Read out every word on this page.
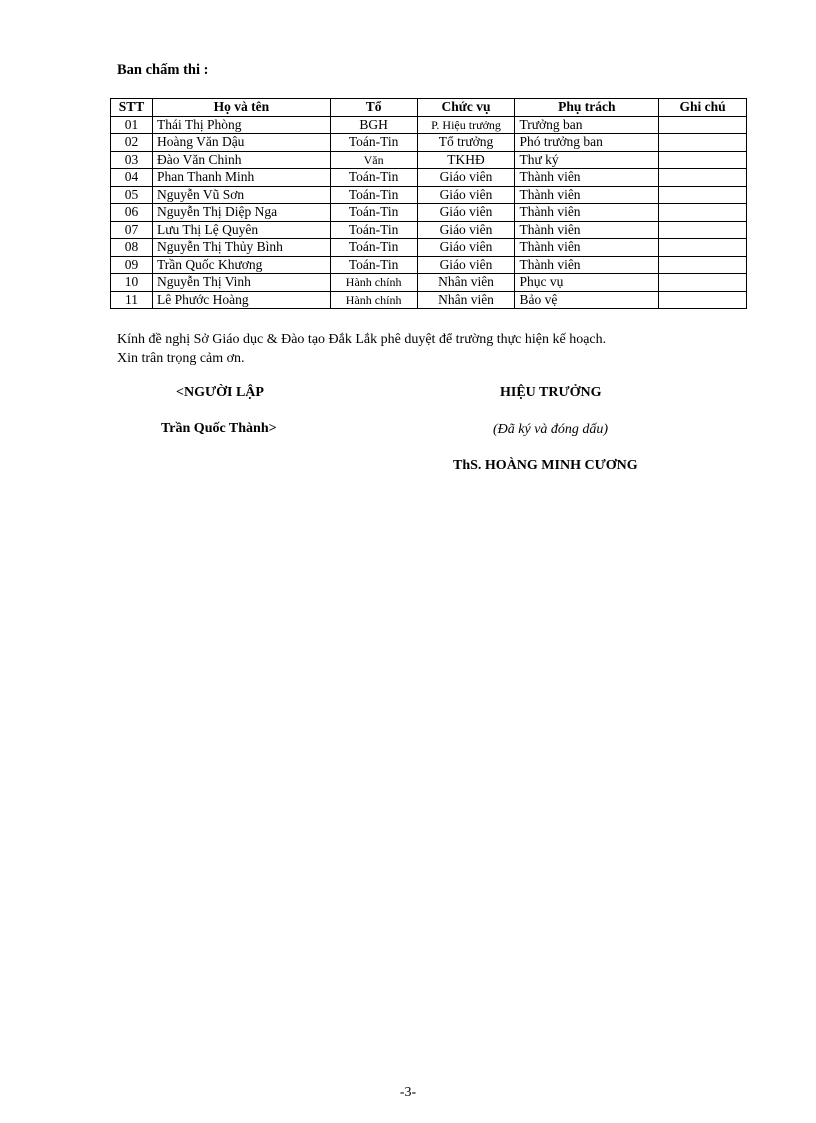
Ban chấm thi :
STT	Họ và tên	Tổ	Chức vụ	Phụ trách	Ghi chú
01	Thái Thị Phòng	BGH	P. Hiệu trưởng	Trưởng ban	
02	Hoàng Văn Dậu	Toán-Tin	Tổ trưởng	Phó trưởng ban	
03	Đào Văn Chinh	Văn	TKHĐ	Thư ký	
04	Phan Thanh Minh	Toán-Tin	Giáo viên	Thành viên	
05	Nguyễn Vũ Sơn	Toán-Tin	Giáo viên	Thành viên	
06	Nguyễn Thị Diệp Nga	Toán-Tin	Giáo viên	Thành viên	
07	Lưu Thị Lệ Quyên	Toán-Tin	Giáo viên	Thành viên	
08	Nguyễn Thị Thủy Bình	Toán-Tin	Giáo viên	Thành viên	
09	Trần Quốc Khương	Toán-Tin	Giáo viên	Thành viên	
10	Nguyễn Thị Vinh	Hành chính	Nhân viên	Phục vụ	
11	Lê Phước Hoàng	Hành chính	Nhân viên	Bảo vệ	

Kính đề nghị Sở Giáo dục & Đào tạo Đắk Lắk phê duyệt để trường thực hiện kế hoạch.

Xin trân trọng cảm ơn.

<NGƯỜI LẬP
Trần Quốc Thành>
HIỆU TRƯỞNG
(Đã ký và đóng dấu)
ThS. HOÀNG MINH CƯƠNG
-3-
